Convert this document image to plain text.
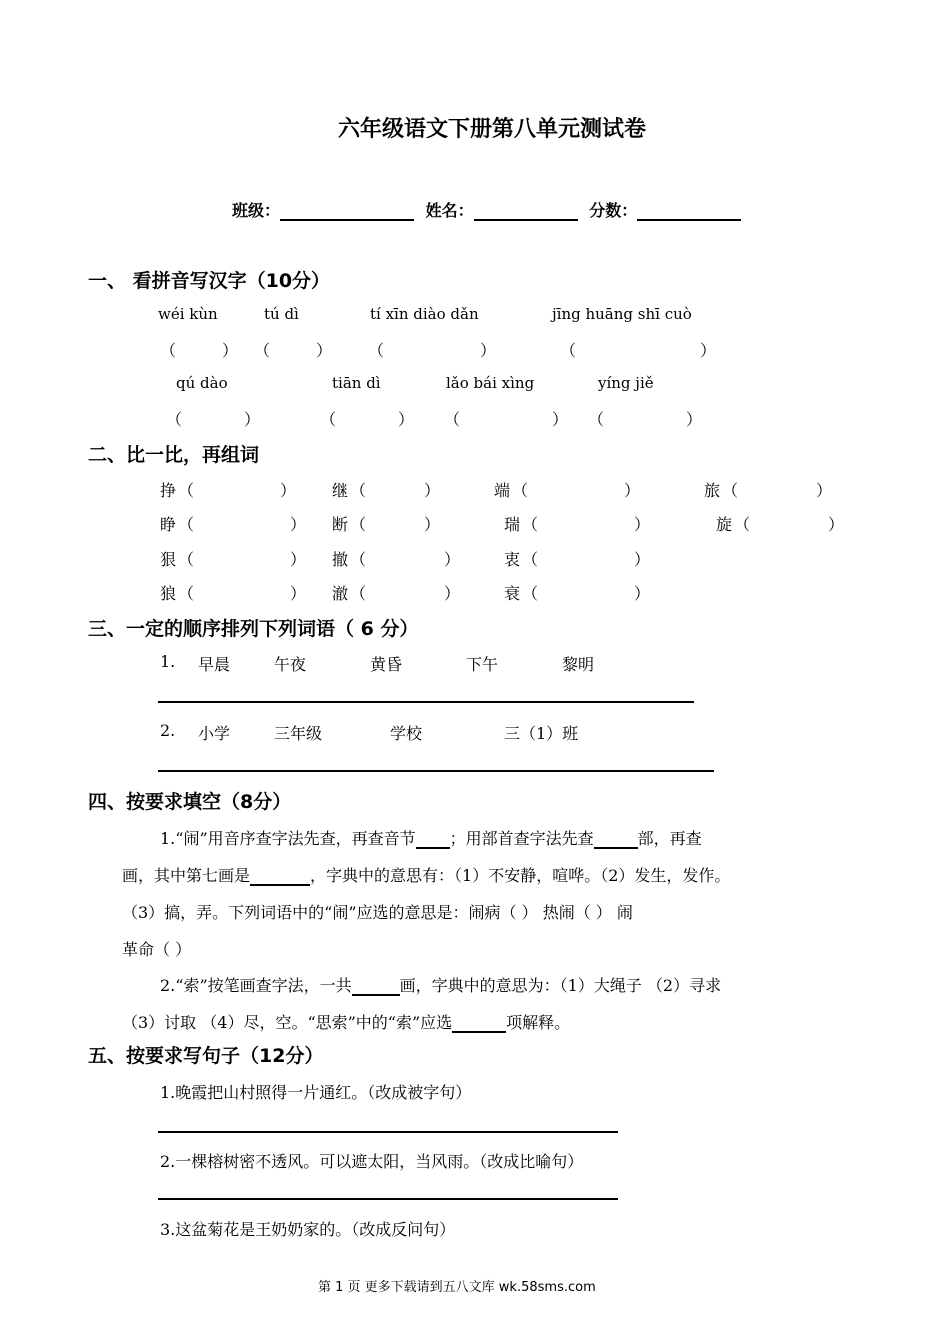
六年级语文下册第八单元测试卷
班级：	姓名：	分数：
一、 看拼音写汉字（10分）
wéi kùn	tú dì	tí xīn diào dǎn	jīng huāng shī cuò
（	） （	） （	）	（	）
qú dào	tiān dì	lǎo bái xìng	yíng jiě
（	）	（	） （	） （	）
二、比一比，再组词
挣 （	） 继 （	）	端 （	）	旅 （	）
睁 （	） 断 （	）	瑞 （	）	旋 （	）
狠 （	） 撤 （	）	衷 （	）
狼 （	） 澈 （	）	衰 （	）
三、一定的顺序排列下列词语（ 6 分）
1. 早晨	午夜	黄昏	下午	黎明
2. 小学	三年级	学校	三（1）班
四、按要求填空（8分）
1.“闹”用音序查字法先查，再查音节 ；用部首查字法先查	部，再查
画，其中第七画是	，字典中的意思有：（1）不安静，喧哗。（2）发生，发作。
（3）搞，弄。下列词语中的“闹”应选的意思是：闹病（ ） 热闹（ ） 闹
革命（ ）
2.“索”按笔画查字法，一共	画，字典中的意思为：（1）大绳子 （2）寻求
（3）讨取 （4）尽，空。“思索”中的“索”应选	项解释。
五、按要求写句子（12分）
1.晚霞把山村照得一片通红。（改成被字句）
2.一棵榕树密不透风。可以遮太阳，当风雨。（改成比喻句）
3.这盆菊花是王奶奶家的。（改成反问句）
第 1 页 更多下载请到五八文库 wk.58sms.com
